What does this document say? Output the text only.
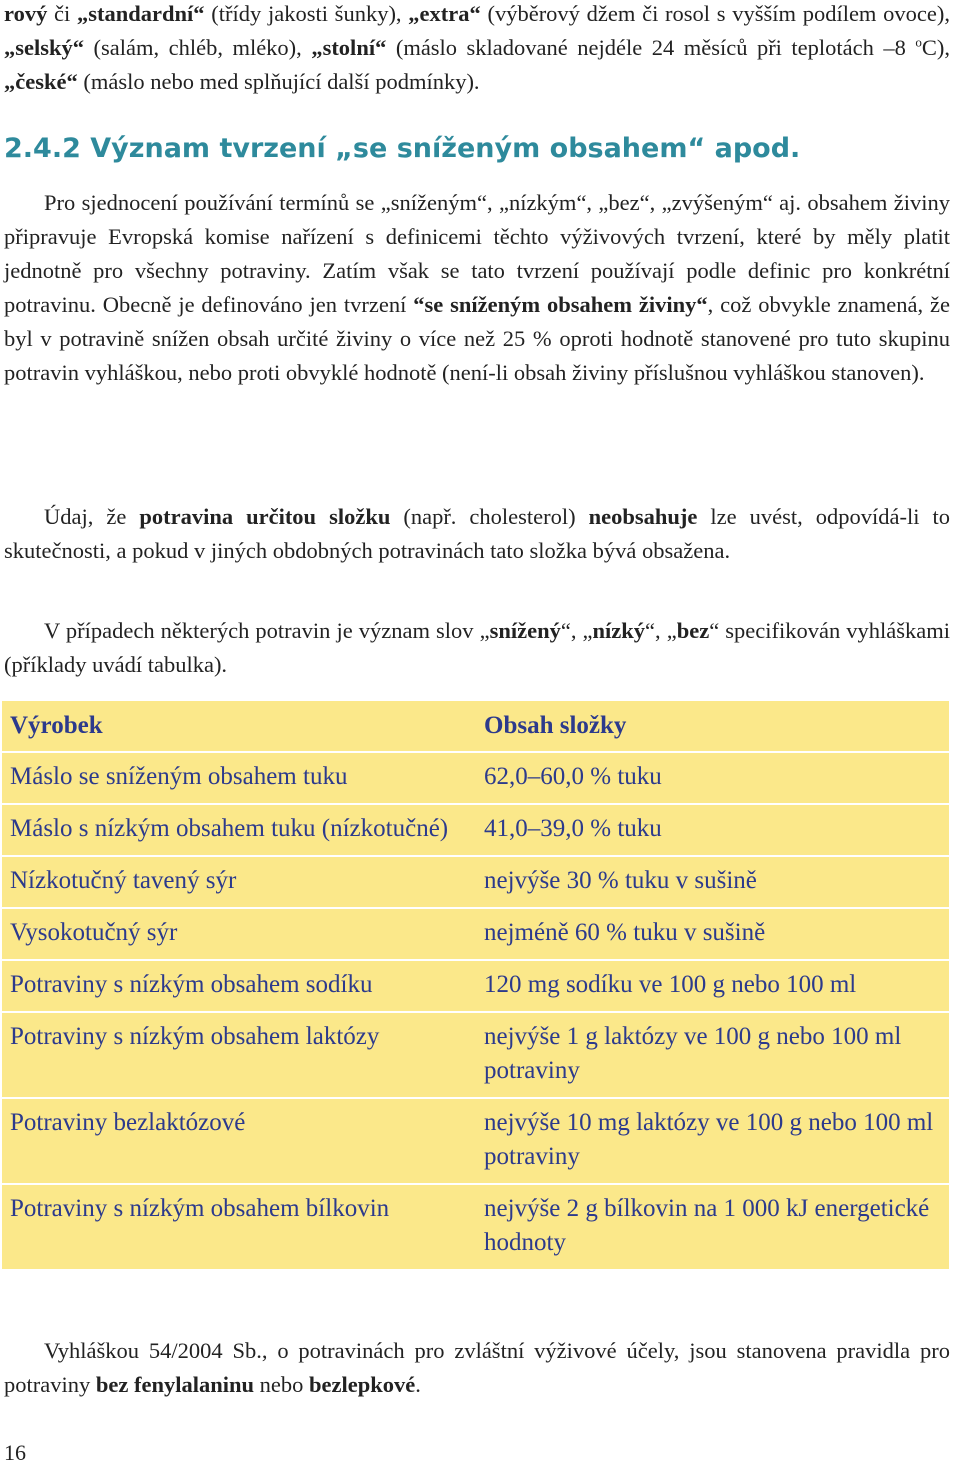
rový či „standardní“ (třídy jakosti šunky), „extra“ (výběrový džem či rosol s vyšším podílem ovoce), „selský“ (salám, chléb, mléko), „stolní“ (máslo skladované nejdéle 24 měsíců při teplotách –8 $^o$C), „české“ (máslo nebo med splňující další podmínky).

2.4.2 Význam tvrzení „se sníženým obsahem“ apod.

Pro sjednocení používání termínů se „sníženým“, „nízkým“, „bez“, „zvýšeným“ aj. obsahem živiny připravuje Evropská komise nařízení s definicemi těchto výživových tvrzení, které by měly platit jednotně pro všechny potraviny. Zatím však se tato tvrzení používají podle definic pro konkrétní potravinu. Obecně je definováno jen tvrzení “se sníženým obsahem živiny“, což obvykle znamená, že byl v potravině snížen obsah určité živiny o více než 25 % oproti hodnotě stanovené pro tuto skupinu potravin vyhláškou, nebo proti obvyklé hodnotě (není-li obsah živiny příslušnou vyhláškou stanoven).

Údaj, že potravina určitou složku (např. cholesterol) neobsahuje lze uvést, odpovídá-li to skutečnosti, a pokud v jiných obdobných potravinách tato složka bývá obsažena.

V případech některých potravin je význam slov „snížený“, „nízký“, „bez“ specifikován vyhláškami (příklady uvádí tabulka).

Výrobek	Obsah složky
Máslo se sníženým obsahem tuku	62,0–60,0 % tuku
Máslo s nízkým obsahem tuku (nízkotučné)	41,0–39,0 % tuku
Nízkotučný tavený sýr	nejvýše 30 % tuku v sušině
Vysokotučný sýr	nejméně 60 % tuku v sušině
Potraviny s nízkým obsahem sodíku	120 mg sodíku ve 100 g nebo 100 ml
Potraviny s nízkým obsahem laktózy	nejvýše 1 g laktózy ve 100 g nebo 100 ml potraviny
Potraviny bezlaktózové	nejvýše 10 mg laktózy ve 100 g nebo 100 ml potraviny
Potraviny s nízkým obsahem bílkovin	nejvýše 2 g bílkovin na 1 000 kJ energetické hodnoty

Vyhláškou 54/2004 Sb., o potravinách pro zvláštní výživové účely, jsou stanovena pravidla pro potraviny bez fenylalaninu nebo bezlepkové.

16
